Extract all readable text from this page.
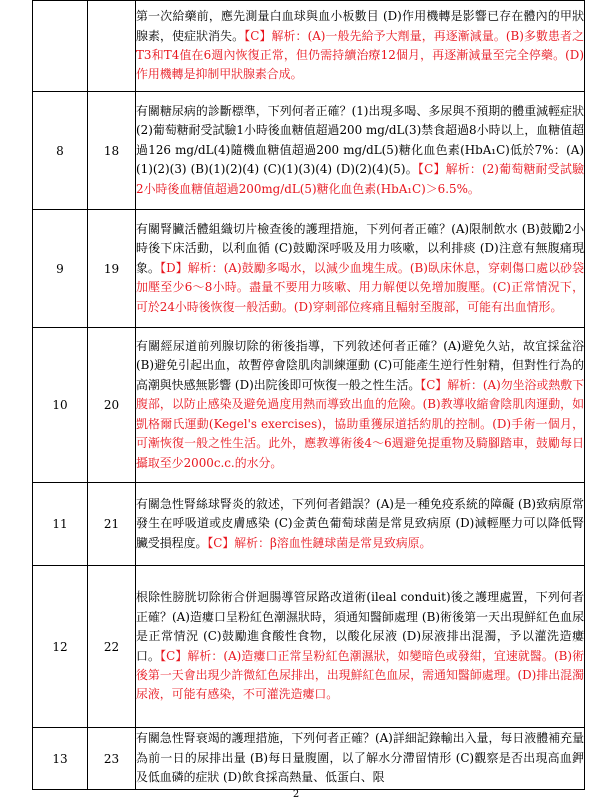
		第一次給藥前，應先測量白血球與血小板數目 (D)作用機轉是影響已存在體內的甲狀腺素，使症狀消失。【C】解析：(A)一般先給予大劑量，再逐漸減量。(B)多數患者之T3和T4值在6週內恢復正常，但仍需持續治療12個月，再逐漸減量至完全停藥。(D)作用機轉是抑制甲狀腺素合成。
8	18	有關糖尿病的診斷標準，下列何者正確？(1)出現多喝、多尿與不預期的體重減輕症狀(2)葡萄糖耐受試驗1小時後血糖值超過200 mg/dL(3)禁食超過8小時以上，血糖值超過126 mg/dL(4)隨機血糖值超過200 mg/dL(5)糖化血色素(HbA₁C)低於7%：(A)(1)(2)(3) (B)(1)(2)(4) (C)(1)(3)(4) (D)(2)(4)(5)。【C】解析：(2)葡萄糖耐受試驗2小時後血糖值超過200mg/dL(5)糖化血色素(HbA₁C)＞6.5%。
9	19	有關腎臟活體組織切片檢查後的護理措施，下列何者正確？(A)限制飲水 (B)鼓勵2小時後下床活動，以利血循 (C)鼓勵深呼吸及用力咳嗽，以利排痰 (D)注意有無腹痛現象。【D】解析：(A)鼓勵多喝水，以減少血塊生成。(B)臥床休息，穿刺傷口處以砂袋加壓至少6～8小時。盡量不要用力咳嗽、用力解便以免增加腹壓。(C)正常情況下，可於24小時後恢復一般活動。(D)穿刺部位疼痛且輻射至腹部，可能有出血情形。
10	20	有關經尿道前列腺切除的術後指導，下列敘述何者正確？(A)避免久站，故宜採盆浴 (B)避免引起出血，故暫停會陰肌肉訓練運動 (C)可能產生逆行性射精，但對性行為的高潮與快感無影響 (D)出院後即可恢復一般之性生活。【C】解析：(A)勿坐浴或熱敷下腹部，以防止感染及避免過度用熱而導致出血的危險。(B)教導收縮會陰肌肉運動，如凱格爾氏運動(Kegel's exercises)，協助重獲尿道括約肌的控制。(D)手術一個月，可漸恢復一般之性生活。此外，應教導術後4～6週避免提重物及騎腳踏車，鼓勵每日攝取至少2000c.c.的水分。
11	21	有關急性腎絲球腎炎的敘述，下列何者錯誤？(A)是一種免疫系統的障礙 (B)致病原常發生在呼吸道或皮膚感染 (C)金黃色葡萄球菌是常見致病原 (D)減輕壓力可以降低腎臟受損程度。【C】解析：β溶血性鏈球菌是常見致病原。
12	22	根除性膀胱切除術合併迴腸導管尿路改道術(ileal conduit)後之護理處置，下列何者正確？(A)造瘻口呈粉紅色潮濕狀時，須通知醫師處理 (B)術後第一天出現鮮紅色血尿是正常情況 (C)鼓勵進食酸性食物，以酸化尿液 (D)尿液排出混濁，予以灌洗造瘻口。【C】解析：(A)造瘻口正常呈粉紅色潮濕狀，如變暗色或發紺，宜速就醫。(B)術後第一天會出現少許微紅色尿排出，出現鮮紅色血尿，需通知醫師處理。(D)排出混濁尿液，可能有感染，不可灌洗造瘻口。
13	23	有關急性腎衰竭的護理措施，下列何者正確？(A)詳細記錄輸出入量，每日液體補充量為前一日的尿排出量 (B)每日量腹圍，以了解水分滯留情形 (C)觀察是否出現高血鉀及低血磷的症狀 (D)飲食採高熱量、低蛋白、限
2
